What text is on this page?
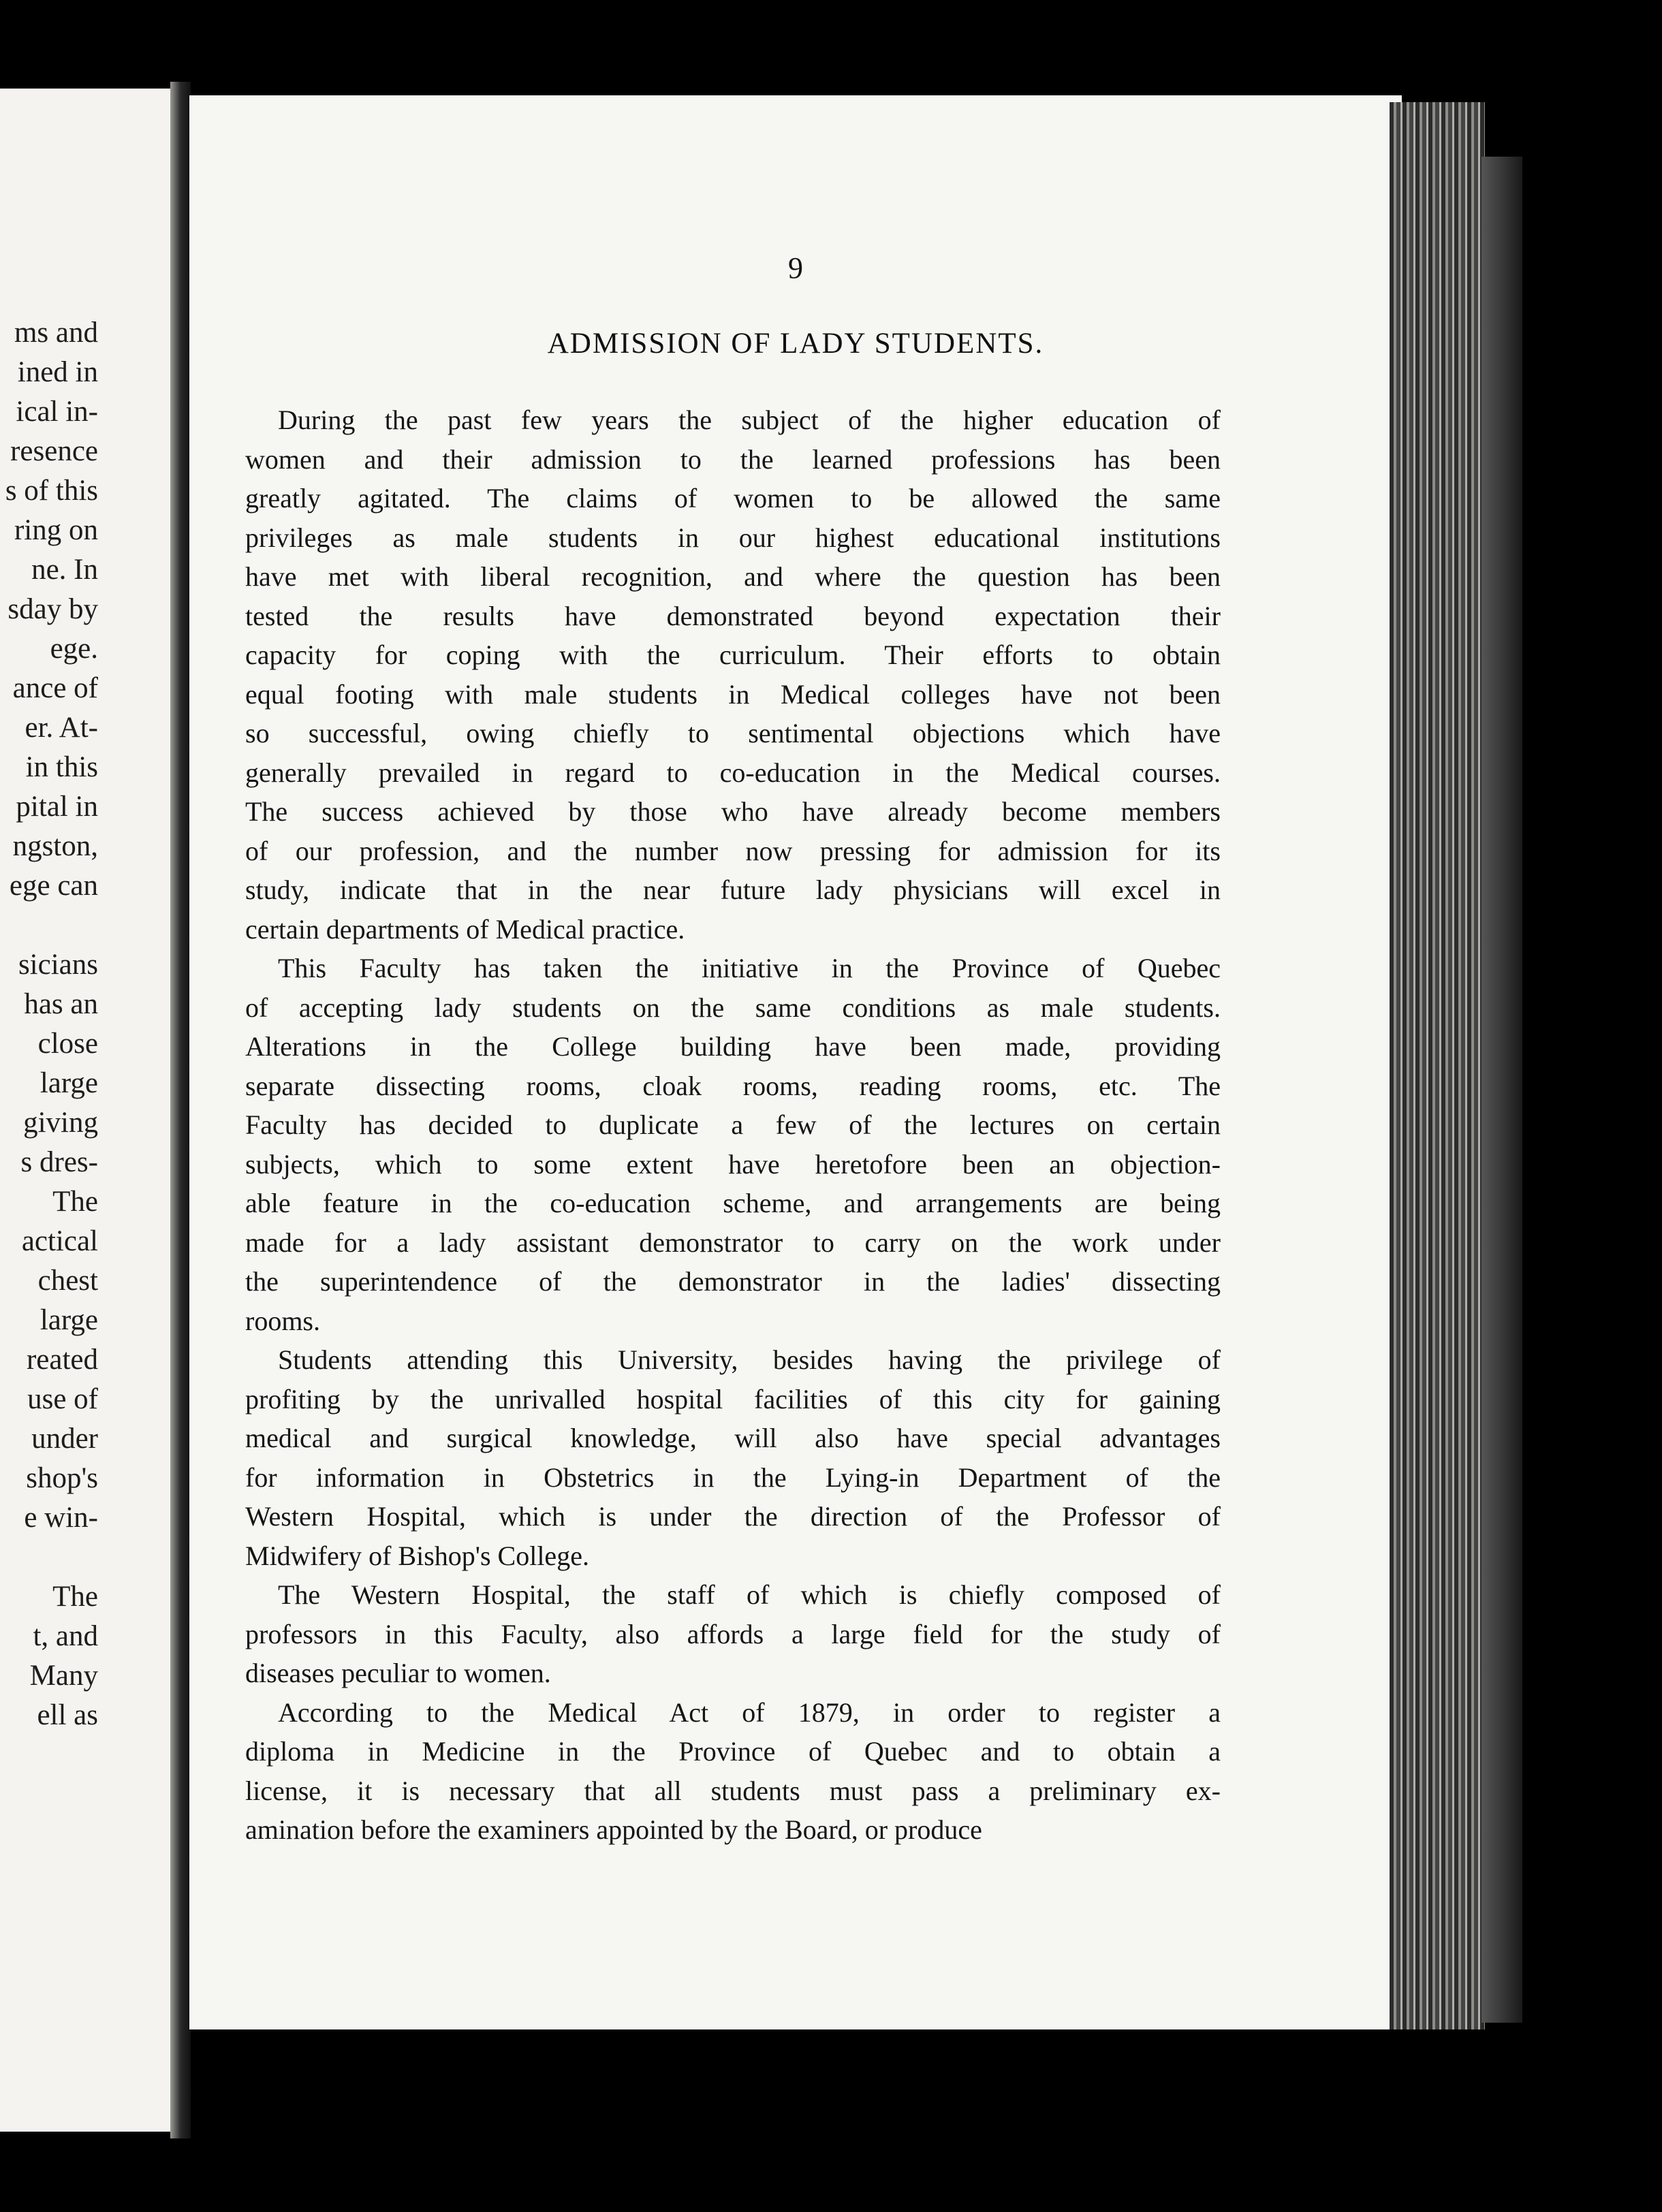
ms and
ined in
ical in-
resence
s of this
ring on
ne. In
sday by
ege.
ance of
er. At-
in this
pital in
ngston,
ege can
sicians
has an
close
large
giving
s dres-
The
actical
chest
large
reated
use of
under
shop's
e win-
The
t, and
Many
ell as
9
ADMISSION OF LADY STUDENTS.
During the past few years the subject of the higher education of
women and their admission to the learned professions has been
greatly agitated. The claims of women to be allowed the same
privileges as male students in our highest educational institutions
have met with liberal recognition, and where the question has been
tested the results have demonstrated beyond expectation their
capacity for coping with the curriculum. Their efforts to obtain
equal footing with male students in Medical colleges have not been
so successful, owing chiefly to sentimental objections which have
generally prevailed in regard to co-education in the Medical courses.
The success achieved by those who have already become members
of our profession, and the number now pressing for admission for its
study, indicate that in the near future lady physicians will excel in
certain departments of Medical practice.
This Faculty has taken the initiative in the Province of Quebec
of accepting lady students on the same conditions as male students.
Alterations in the College building have been made, providing
separate dissecting rooms, cloak rooms, reading rooms, etc. The
Faculty has decided to duplicate a few of the lectures on certain
subjects, which to some extent have heretofore been an objection-
able feature in the co-education scheme, and arrangements are being
made for a lady assistant demonstrator to carry on the work under
the superintendence of the demonstrator in the ladies' dissecting
rooms.
Students attending this University, besides having the privilege of
profiting by the unrivalled hospital facilities of this city for gaining
medical and surgical knowledge, will also have special advantages
for information in Obstetrics in the Lying-in Department of the
Western Hospital, which is under the direction of the Professor of
Midwifery of Bishop's College.
The Western Hospital, the staff of which is chiefly composed of
professors in this Faculty, also affords a large field for the study of
diseases peculiar to women.
According to the Medical Act of 1879, in order to register a
diploma in Medicine in the Province of Quebec and to obtain a
license, it is necessary that all students must pass a preliminary ex-
amination before the examiners appointed by the Board, or produce
